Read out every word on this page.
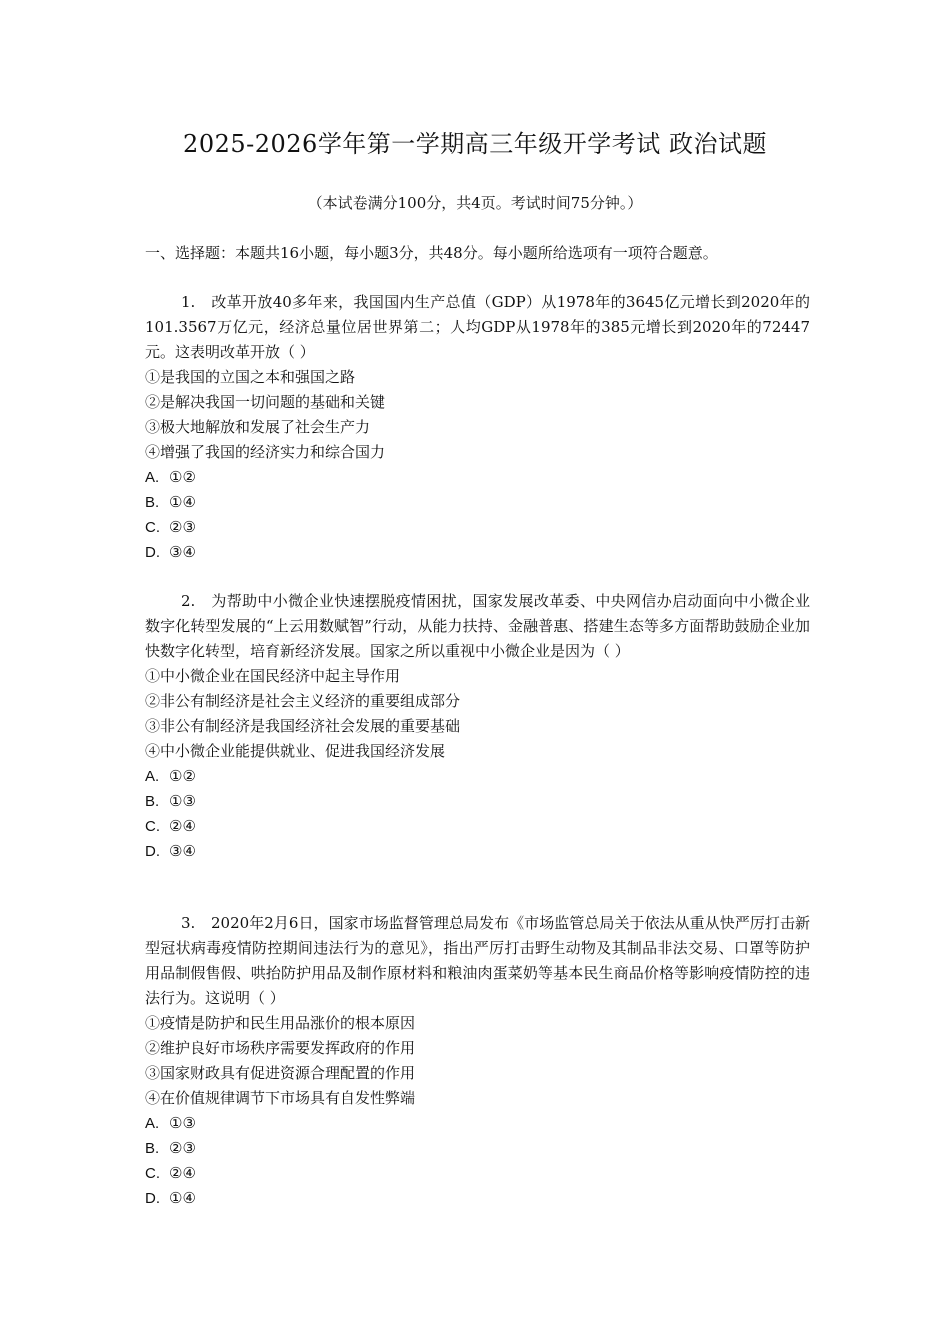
2025-2026学年第一学期高三年级开学考试 政治试题

（本试卷满分100分，共4页。考试时间75分钟。）

一、选择题：本题共16小题，每小题3分，共48分。每小题所给选项有一项符合题意。

1. 改革开放40多年来，我国国内生产总值（GDP）从1978年的3645亿元增长到2020年的101.3567万亿元，经济总量位居世界第二；人均GDP从1978年的385元增长到2020年的72447元。这表明改革开放（ ）

①是我国的立国之本和强国之路

②是解决我国一切问题的基础和关键

③极大地解放和发展了社会生产力

④增强了我国的经济实力和综合国力

A. ①②

B. ①④

C. ②③

D. ③④

2. 为帮助中小微企业快速摆脱疫情困扰，国家发展改革委、中央网信办启动面向中小微企业数字化转型发展的“上云用数赋智”行动，从能力扶持、金融普惠、搭建生态等多方面帮助鼓励企业加快数字化转型，培育新经济发展。国家之所以重视中小微企业是因为（ ）

①中小微企业在国民经济中起主导作用

②非公有制经济是社会主义经济的重要组成部分

③非公有制经济是我国经济社会发展的重要基础

④中小微企业能提供就业、促进我国经济发展

A. ①②

B. ①③

C. ②④

D. ③④

3. 2020年2月6日，国家市场监督管理总局发布《市场监管总局关于依法从重从快严厉打击新型冠状病毒疫情防控期间违法行为的意见》，指出严厉打击野生动物及其制品非法交易、口罩等防护用品制假售假、哄抬防护用品及制作原材料和粮油肉蛋菜奶等基本民生商品价格等影响疫情防控的违法行为。这说明（ ）

①疫情是防护和民生用品涨价的根本原因

②维护良好市场秩序需要发挥政府的作用

③国家财政具有促进资源合理配置的作用

④在价值规律调节下市场具有自发性弊端

A. ①③

B. ②③

C. ②④

D. ①④
